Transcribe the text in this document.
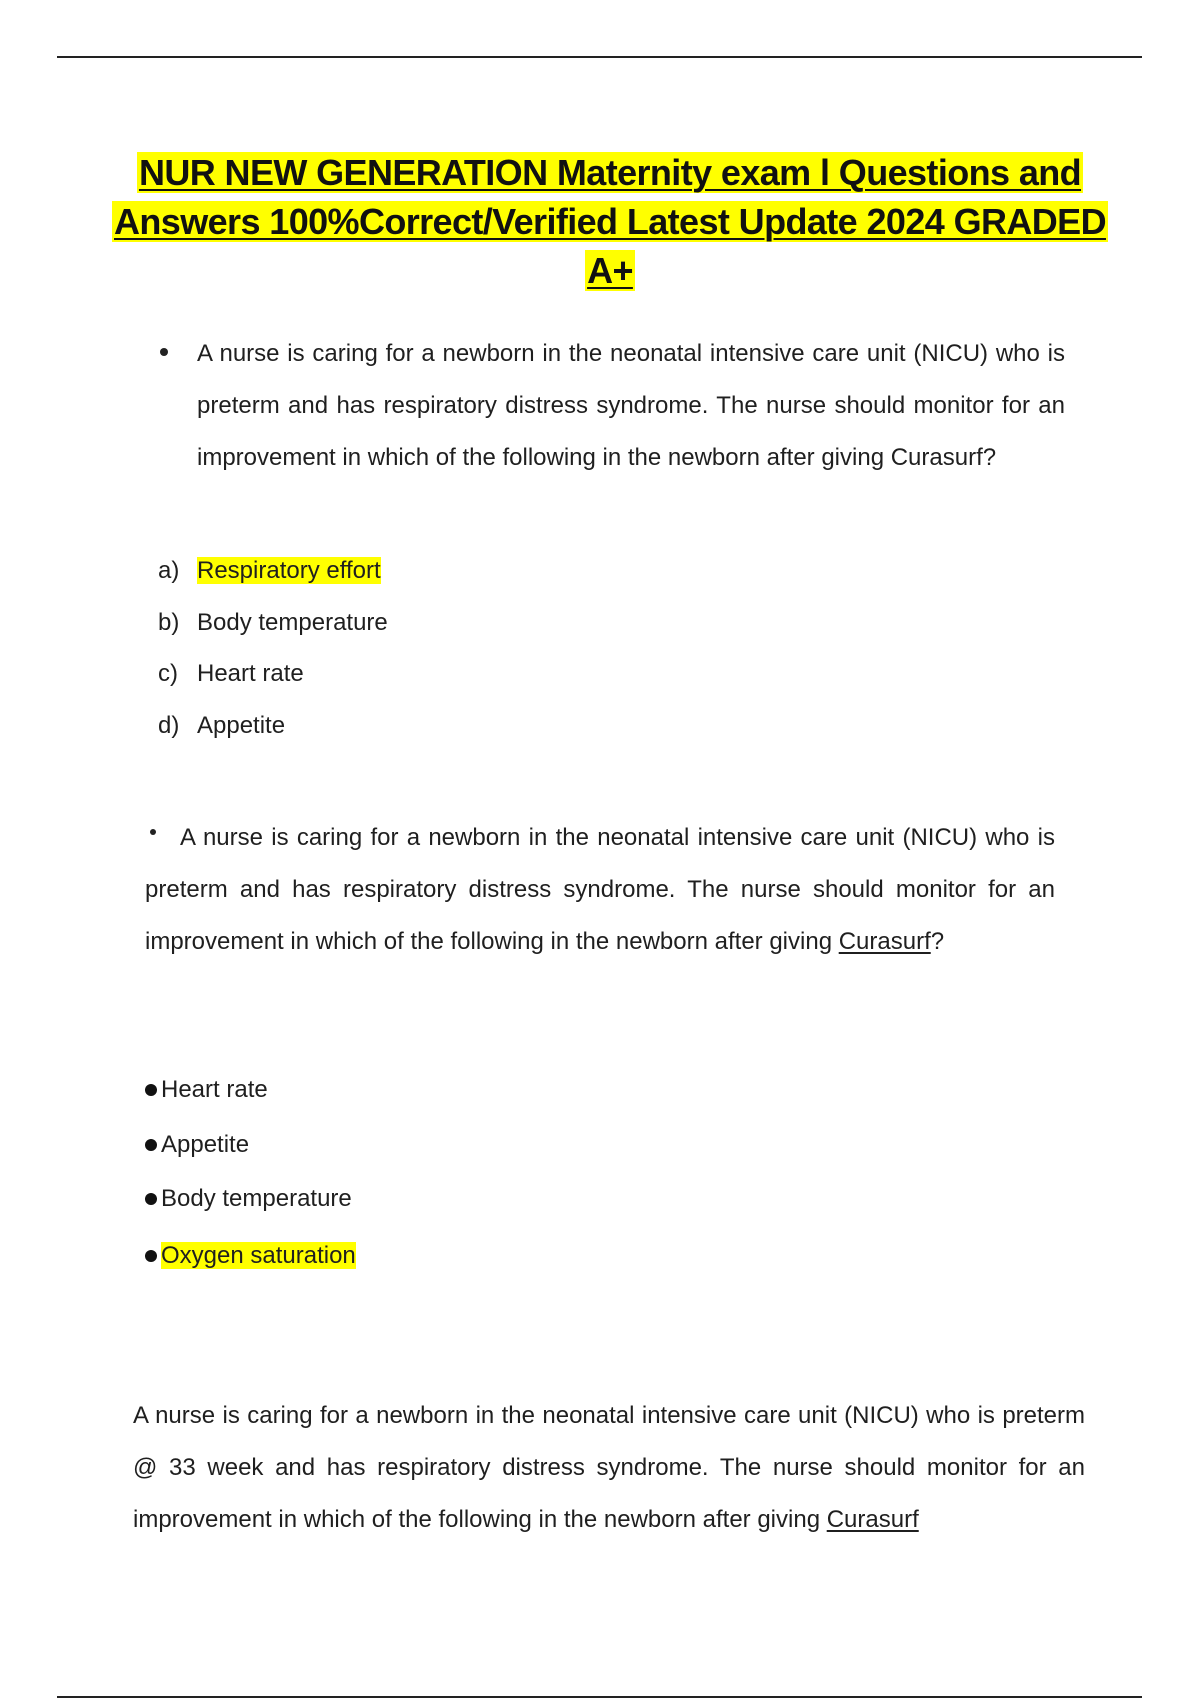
NUR NEW GENERATION Maternity exam l Questions and
Answers 100%Correct/Verified Latest Update 2024 GRADED
A+
A nurse is caring for a newborn in the neonatal intensive care unit (NICU) who is preterm and has respiratory distress syndrome. The nurse should monitor for an improvement in which of the following in the newborn after giving Curasurf?
a) Respiratory effort
b) Body temperature
c) Heart rate
d) Appetite
A nurse is caring for a newborn in the neonatal intensive care unit (NICU) who is preterm and has respiratory distress syndrome. The nurse should monitor for an improvement in which of the following in the newborn after giving Curasurf?
Heart rate
Appetite
Body temperature
Oxygen saturation
A nurse is caring for a newborn in the neonatal intensive care unit (NICU) who is preterm @ 33 week and has respiratory distress syndrome. The nurse should monitor for an improvement in which of the following in the newborn after giving Curasurf
